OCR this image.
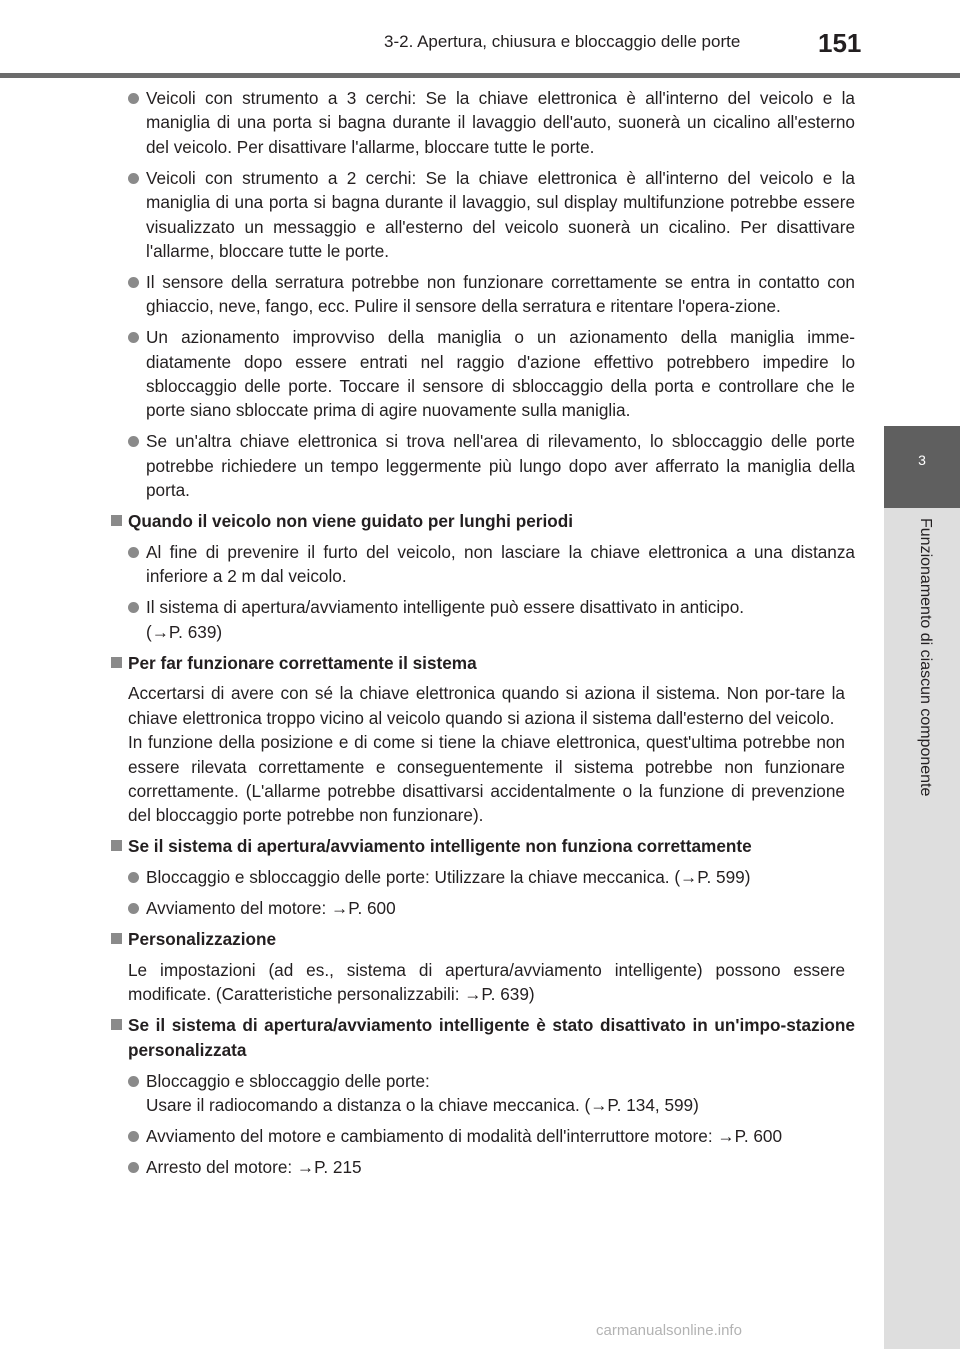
3-2. Apertura, chiusura e bloccaggio delle porte	151
3
Funzionamento di ciascun componente
Veicoli con strumento a 3 cerchi: Se la chiave elettronica è all'interno del veicolo e la maniglia di una porta si bagna durante il lavaggio dell'auto, suonerà un cicalino all'esterno del veicolo. Per disattivare l'allarme, bloccare tutte le porte.
Veicoli con strumento a 2 cerchi: Se la chiave elettronica è all'interno del veicolo e la maniglia di una porta si bagna durante il lavaggio, sul display multifunzione potrebbe essere visualizzato un messaggio e all'esterno del veicolo suonerà un cicalino. Per disattivare l'allarme, bloccare tutte le porte.
Il sensore della serratura potrebbe non funzionare correttamente se entra in contatto con ghiaccio, neve, fango, ecc. Pulire il sensore della serratura e ritentare l'opera-zione.
Un azionamento improvviso della maniglia o un azionamento della maniglia imme-diatamente dopo essere entrati nel raggio d'azione effettivo potrebbero impedire lo sbloccaggio delle porte. Toccare il sensore di sbloccaggio della porta e controllare che le porte siano sbloccate prima di agire nuovamente sulla maniglia.
Se un'altra chiave elettronica si trova nell'area di rilevamento, lo sbloccaggio delle porte potrebbe richiedere un tempo leggermente più lungo dopo aver afferrato la maniglia della porta.
Quando il veicolo non viene guidato per lunghi periodi
Al fine di prevenire il furto del veicolo, non lasciare la chiave elettronica a una distanza inferiore a 2 m dal veicolo.
Il sistema di apertura/avviamento intelligente può essere disattivato in anticipo.
(→P. 639)
Per far funzionare correttamente il sistema
Accertarsi di avere con sé la chiave elettronica quando si aziona il sistema. Non por-tare la chiave elettronica troppo vicino al veicolo quando si aziona il sistema dall'esterno del veicolo.
In funzione della posizione e di come si tiene la chiave elettronica, quest'ultima potrebbe non essere rilevata correttamente e conseguentemente il sistema potrebbe non funzionare correttamente. (L'allarme potrebbe disattivarsi accidentalmente o la funzione di prevenzione del bloccaggio porte potrebbe non funzionare).
Se il sistema di apertura/avviamento intelligente non funziona correttamente
Bloccaggio e sbloccaggio delle porte: Utilizzare la chiave meccanica. (→P. 599)
Avviamento del motore: →P. 600
Personalizzazione
Le impostazioni (ad es., sistema di apertura/avviamento intelligente) possono essere modificate. (Caratteristiche personalizzabili: →P. 639)
Se il sistema di apertura/avviamento intelligente è stato disattivato in un'impo-stazione personalizzata
Bloccaggio e sbloccaggio delle porte:
Usare il radiocomando a distanza o la chiave meccanica. (→P. 134, 599)
Avviamento del motore e cambiamento di modalità dell'interruttore motore: →P. 600
Arresto del motore: →P. 215
carmanualsonline.info
